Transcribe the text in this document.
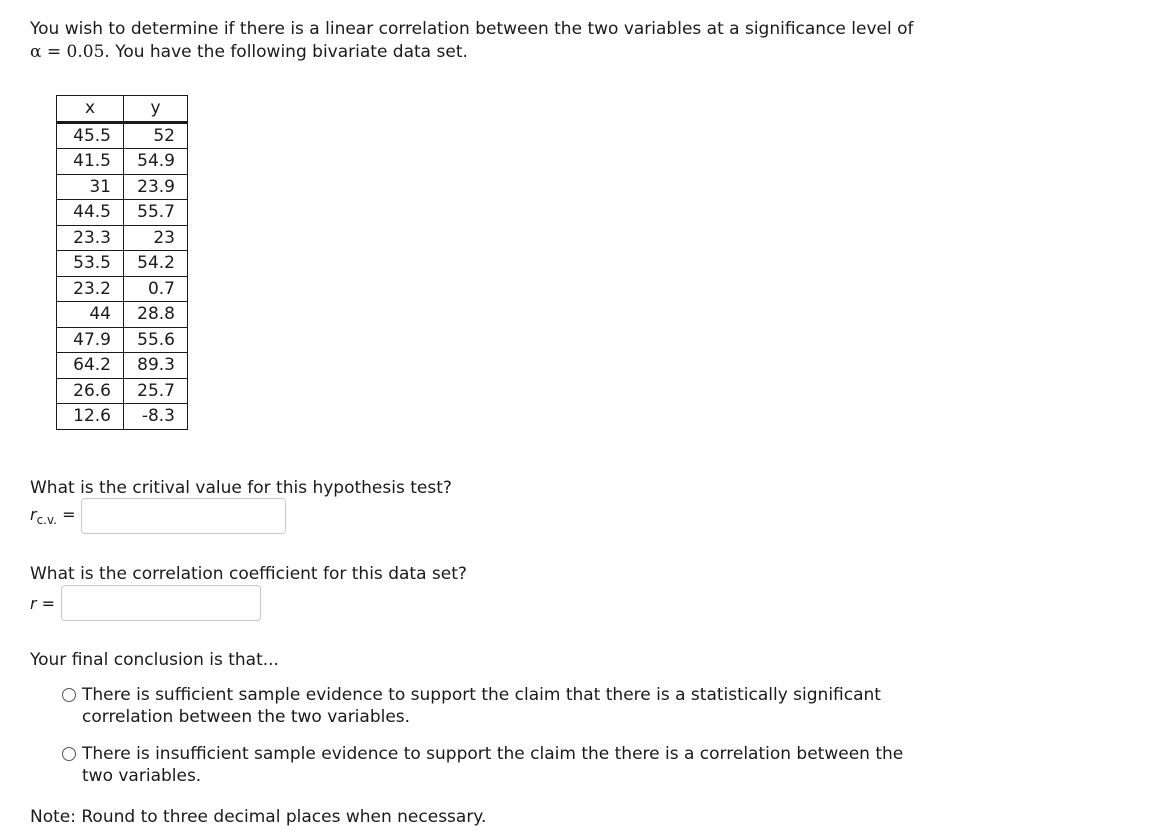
You wish to determine if there is a linear correlation between the two variables at a significance level of
α = 0.05. You have the following bivariate data set.
x	y
45.5	52
41.5	54.9
31	23.9
44.5	55.7
23.3	23
53.5	54.2
23.2	0.7
44	28.8
47.9	55.6
64.2	89.3
26.6	25.7
12.6	-8.3
What is the critival value for this hypothesis test?
$r_{c.v.}$ =
What is the correlation coefficient for this data set?
r =
Your final conclusion is that...
There is sufficient sample evidence to support the claim that there is a statistically significant correlation between the two variables.
There is insufficient sample evidence to support the claim the there is a correlation between the two variables.
Note: Round to three decimal places when necessary.
